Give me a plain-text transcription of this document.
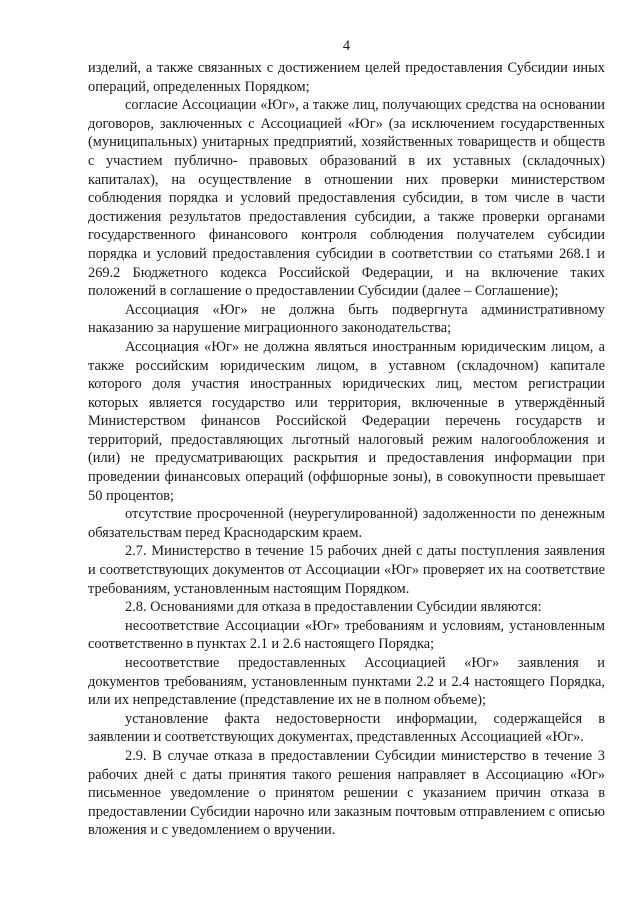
4

изделий, а также связанных с достижением целей предоставления Субсидии иных операций, определенных Порядком;

согласие Ассоциации «Юг», а также лиц, получающих средства на основании договоров, заключенных с Ассоциацией «Юг» (за исключением государственных (муниципальных) унитарных предприятий, хозяйственных товариществ и обществ с участием публично- правовых образований в их уставных (складочных) капиталах), на осуществление в отношении них проверки министерством соблюдения порядка и условий предоставления субсидии, в том числе в части достижения результатов предоставления субсидии, а также проверки органами государственного финансового контроля соблюдения получателем субсидии порядка и условий предоставления субсидии в соответствии со статьями 268.1 и 269.2 Бюджетного кодекса Российской Федерации, и на включение таких положений в соглашение о предоставлении Субсидии (далее – Соглашение);

Ассоциация «Юг» не должна быть подвергнута административному наказанию за нарушение миграционного законодательства;

Ассоциация «Юг» не должна являться иностранным юридическим лицом, а также российским юридическим лицом, в уставном (складочном) капитале которого доля участия иностранных юридических лиц, местом регистрации которых является государство или территория, включенные в утверждённый Министерством финансов Российской Федерации перечень государств и территорий, предоставляющих льготный налоговый режим налогообложения и (или) не предусматривающих раскрытия и предоставления информации при проведении финансовых операций (оффшорные зоны), в совокупности превышает 50 процентов;

отсутствие просроченной (неурегулированной) задолженности по денежным обязательствам перед Краснодарским краем.

2.7. Министерство в течение 15 рабочих дней с даты поступления заявления и соответствующих документов от Ассоциации «Юг» проверяет их на соответствие требованиям, установленным настоящим Порядком.

2.8. Основаниями для отказа в предоставлении Субсидии являются:

несоответствие Ассоциации «Юг» требованиям и условиям, установленным соответственно в пунктах 2.1 и 2.6 настоящего Порядка;

несоответствие предоставленных Ассоциацией «Юг» заявления и документов требованиям, установленным пунктами 2.2 и 2.4 настоящего Порядка, или их непредставление (представление их не в полном объеме);

установление факта недостоверности информации, содержащейся в заявлении и соответствующих документах, представленных Ассоциацией «Юг».

2.9. В случае отказа в предоставлении Субсидии министерство в течение 3 рабочих дней с даты принятия такого решения направляет в Ассоциацию «Юг» письменное уведомление о принятом решении с указанием причин отказа в предоставлении Субсидии нарочно или заказным почтовым отправлением с описью вложения и с уведомлением о вручении.
